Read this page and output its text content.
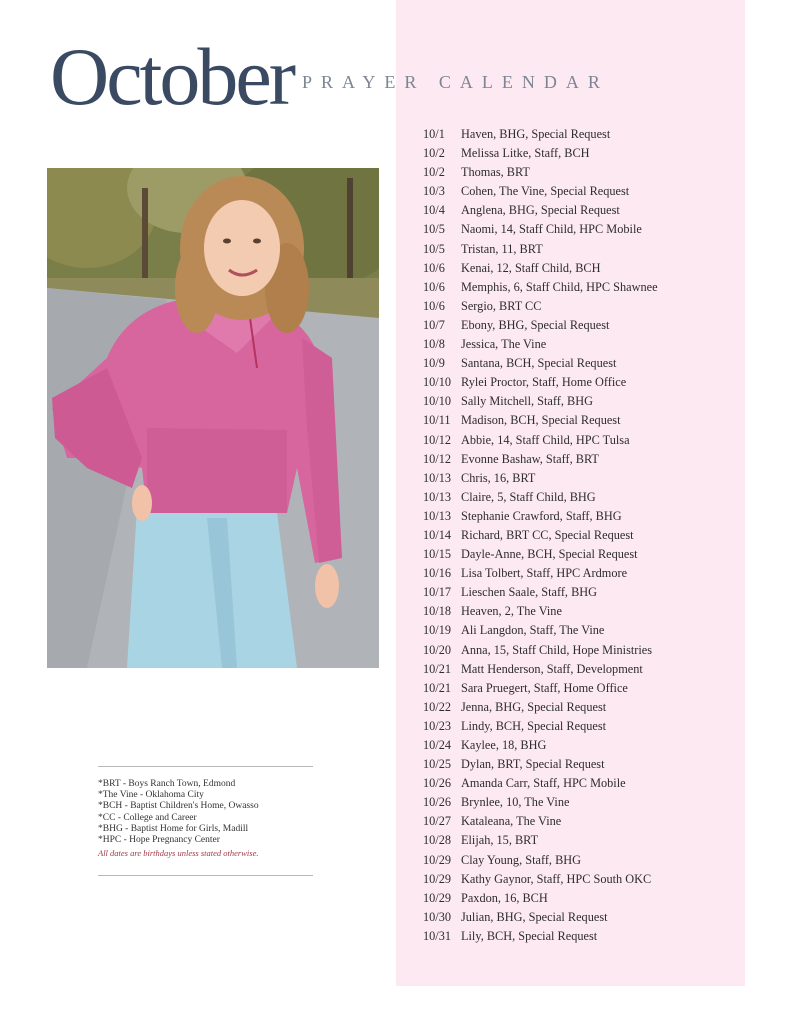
October PRAYER CALENDAR
*BRT - Boys Ranch Town, Edmond
*The Vine - Oklahoma City
*BCH - Baptist Children's Home, Owasso
*CC - College and Career
*BHG - Baptist Home for Girls, Madill
*HPC - Hope Pregnancy Center
All dates are birthdays unless stated otherwise.
10/1	Haven, BHG, Special Request
10/2	Melissa Litke, Staff, BCH
10/2	Thomas, BRT
10/3	Cohen, The Vine, Special Request
10/4	Anglena, BHG, Special Request
10/5	Naomi, 14, Staff Child, HPC Mobile
10/5	Tristan, 11, BRT
10/6	Kenai, 12, Staff Child, BCH
10/6	Memphis, 6, Staff Child, HPC Shawnee
10/6	Sergio, BRT CC
10/7	Ebony, BHG, Special Request
10/8	Jessica, The Vine
10/9	Santana, BCH, Special Request
10/10 Rylei Proctor, Staff, Home Office
10/10 Sally Mitchell, Staff, BHG
10/11 Madison, BCH, Special Request
10/12 Abbie, 14, Staff Child, HPC Tulsa
10/12 Evonne Bashaw, Staff, BRT
10/13 Chris, 16, BRT
10/13 Claire, 5, Staff Child, BHG
10/13 Stephanie Crawford, Staff, BHG
10/14 Richard, BRT CC, Special Request
10/15 Dayle-Anne, BCH, Special Request
10/16 Lisa Tolbert, Staff, HPC Ardmore
10/17 Lieschen Saale, Staff, BHG
10/18 Heaven, 2, The Vine
10/19 Ali Langdon, Staff, The Vine
10/20 Anna, 15, Staff Child, Hope Ministries
10/21 Matt Henderson, Staff, Development
10/21 Sara Pruegert, Staff, Home Office
10/22 Jenna, BHG, Special Request
10/23 Lindy, BCH, Special Request
10/24 Kaylee, 18, BHG
10/25 Dylan, BRT, Special Request
10/26 Amanda Carr, Staff, HPC Mobile
10/26 Brynlee, 10, The Vine
10/27 Kataleana, The Vine
10/28 Elijah, 15, BRT
10/29 Clay Young, Staff, BHG
10/29 Kathy Gaynor, Staff, HPC South OKC
10/29 Paxdon, 16, BCH
10/30 Julian, BHG, Special Request
10/31 Lily, BCH, Special Request
